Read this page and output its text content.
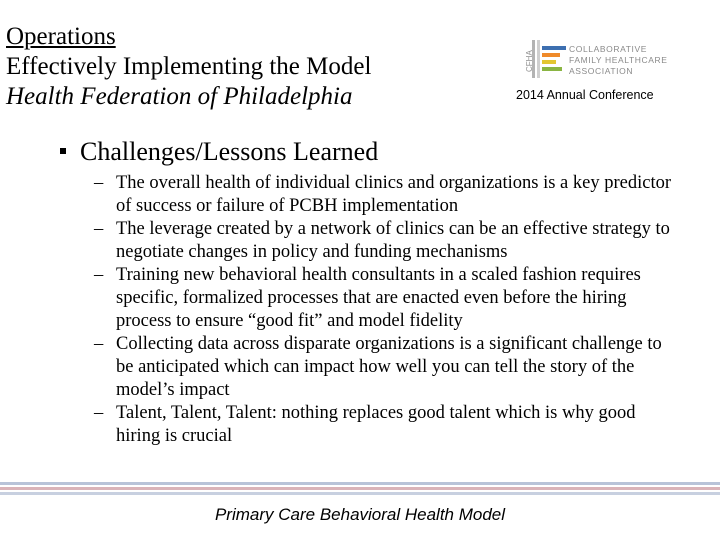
Operations
Effectively Implementing the Model
Health Federation of Philadelphia
CFHA
COLLABORATIVE
FAMILY HEALTHCARE
ASSOCIATION
2014 Annual Conference
Challenges/Lessons Learned
– The overall health of individual clinics and organizations is a key predictor of success or failure of PCBH implementation
– The leverage created by a network of clinics can be an effective strategy to negotiate changes in policy and funding mechanisms
– Training new behavioral health consultants in a scaled fashion requires specific, formalized processes that are enacted even before the hiring process to ensure “good fit” and model fidelity
– Collecting data across disparate organizations is a significant challenge to be anticipated which can impact how well you can tell the story of the model’s impact
– Talent, Talent, Talent: nothing replaces good talent which is why good hiring is crucial
Primary Care Behavioral Health Model
